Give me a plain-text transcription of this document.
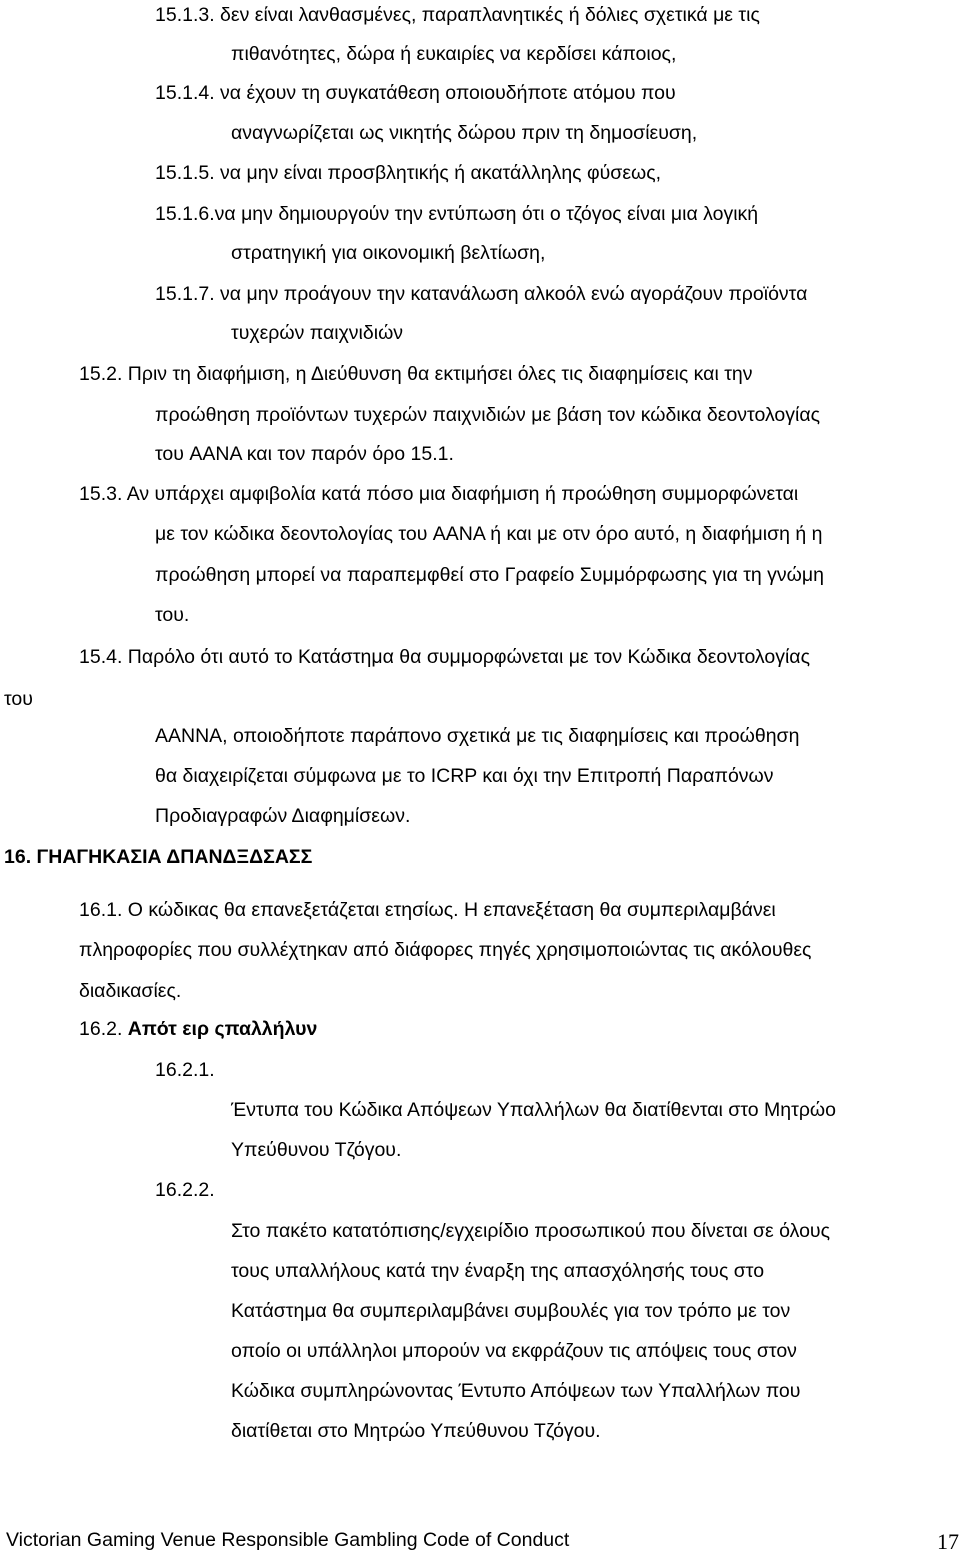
15.1.3. δεν είναι λανθασμένες, παραπλανητικές ή δόλιες σχετικά με τις
πιθανότητες, δώρα ή ευκαιρίες να κερδίσει κάποιος,
15.1.4. να έχουν τη συγκατάθεση οποιουδήποτε ατόμου που
αναγνωρίζεται ως νικητής δώρου πριν τη δημοσίευση,
15.1.5. να μην είναι προσβλητικής ή ακατάλληλης φύσεως,
15.1.6.να μην δημιουργούν την εντύπωση ότι ο τζόγος είναι μια λογική
στρατηγική για οικονομική βελτίωση,
15.1.7. να μην προάγουν την κατανάλωση αλκοόλ ενώ αγοράζουν προϊόντα
τυχερών παιχνιδιών
15.2. Πριν τη διαφήμιση, η Διεύθυνση θα εκτιμήσει όλες τις διαφημίσεις και την
προώθηση προϊόντων τυχερών παιχνιδιών με βάση τον κώδικα δεοντολογίας
του AANA και τον παρόν όρο 15.1.
15.3. Αν υπάρχει αμφιβολία κατά πόσο μια διαφήμιση ή προώθηση συμμορφώνεται
με τον κώδικα δεοντολογίας του AANA ή και με οτν όρο αυτό, η διαφήμιση ή η
προώθηση μπορεί να παραπεμφθεί στο Γραφείο Συμμόρφωσης για τη γνώμη
του.
15.4. Παρόλο ότι αυτό το Κατάστημα θα συμμορφώνεται με τον Κώδικα δεοντολογίας
του
AANNA, οποιοδήποτε παράπονο σχετικά με τις διαφημίσεις και προώθηση
θα διαχειρίζεται σύμφωνα με το ICRP και όχι την Επιτροπή Παραπόνων
Προδιαγραφών Διαφημίσεων.
16. ΓΗΑΓΗΚΑΣΙΑ ΔΠΑΝΔΞΔΣΑΣΣ
16.1. Ο κώδικας θα επανεξετάζεται ετησίως. Η επανεξέταση θα συμπεριλαμβάνει
πληροφορίες που συλλέχτηκαν από διάφορες πηγές χρησιμοποιώντας τις ακόλουθες
διαδικασίες.
16.2. Απότ ειρ ςπαλλήλυν
16.2.1.
Έντυπα του Κώδικα Απόψεων Υπαλλήλων θα διατίθενται στο Μητρώο
Υπεύθυνου Τζόγου.
16.2.2.
Στο πακέτο κατατόπισης/εγχειρίδιο προσωπικού που δίνεται σε όλους
τους υπαλλήλους κατά την έναρξη της απασχόλησής τους στο
Κατάστημα θα συμπεριλαμβάνει συμβουλές για τον τρόπο με τον
οποίο οι υπάλληλοι μπορούν να εκφράζουν τις απόψεις τους στον
Κώδικα συμπληρώνοντας Έντυπο Απόψεων των Υπαλλήλων που
διατίθεται στο Μητρώο Υπεύθυνου Τζόγου.
Victorian Gaming Venue Responsible Gambling Code of Conduct	17
